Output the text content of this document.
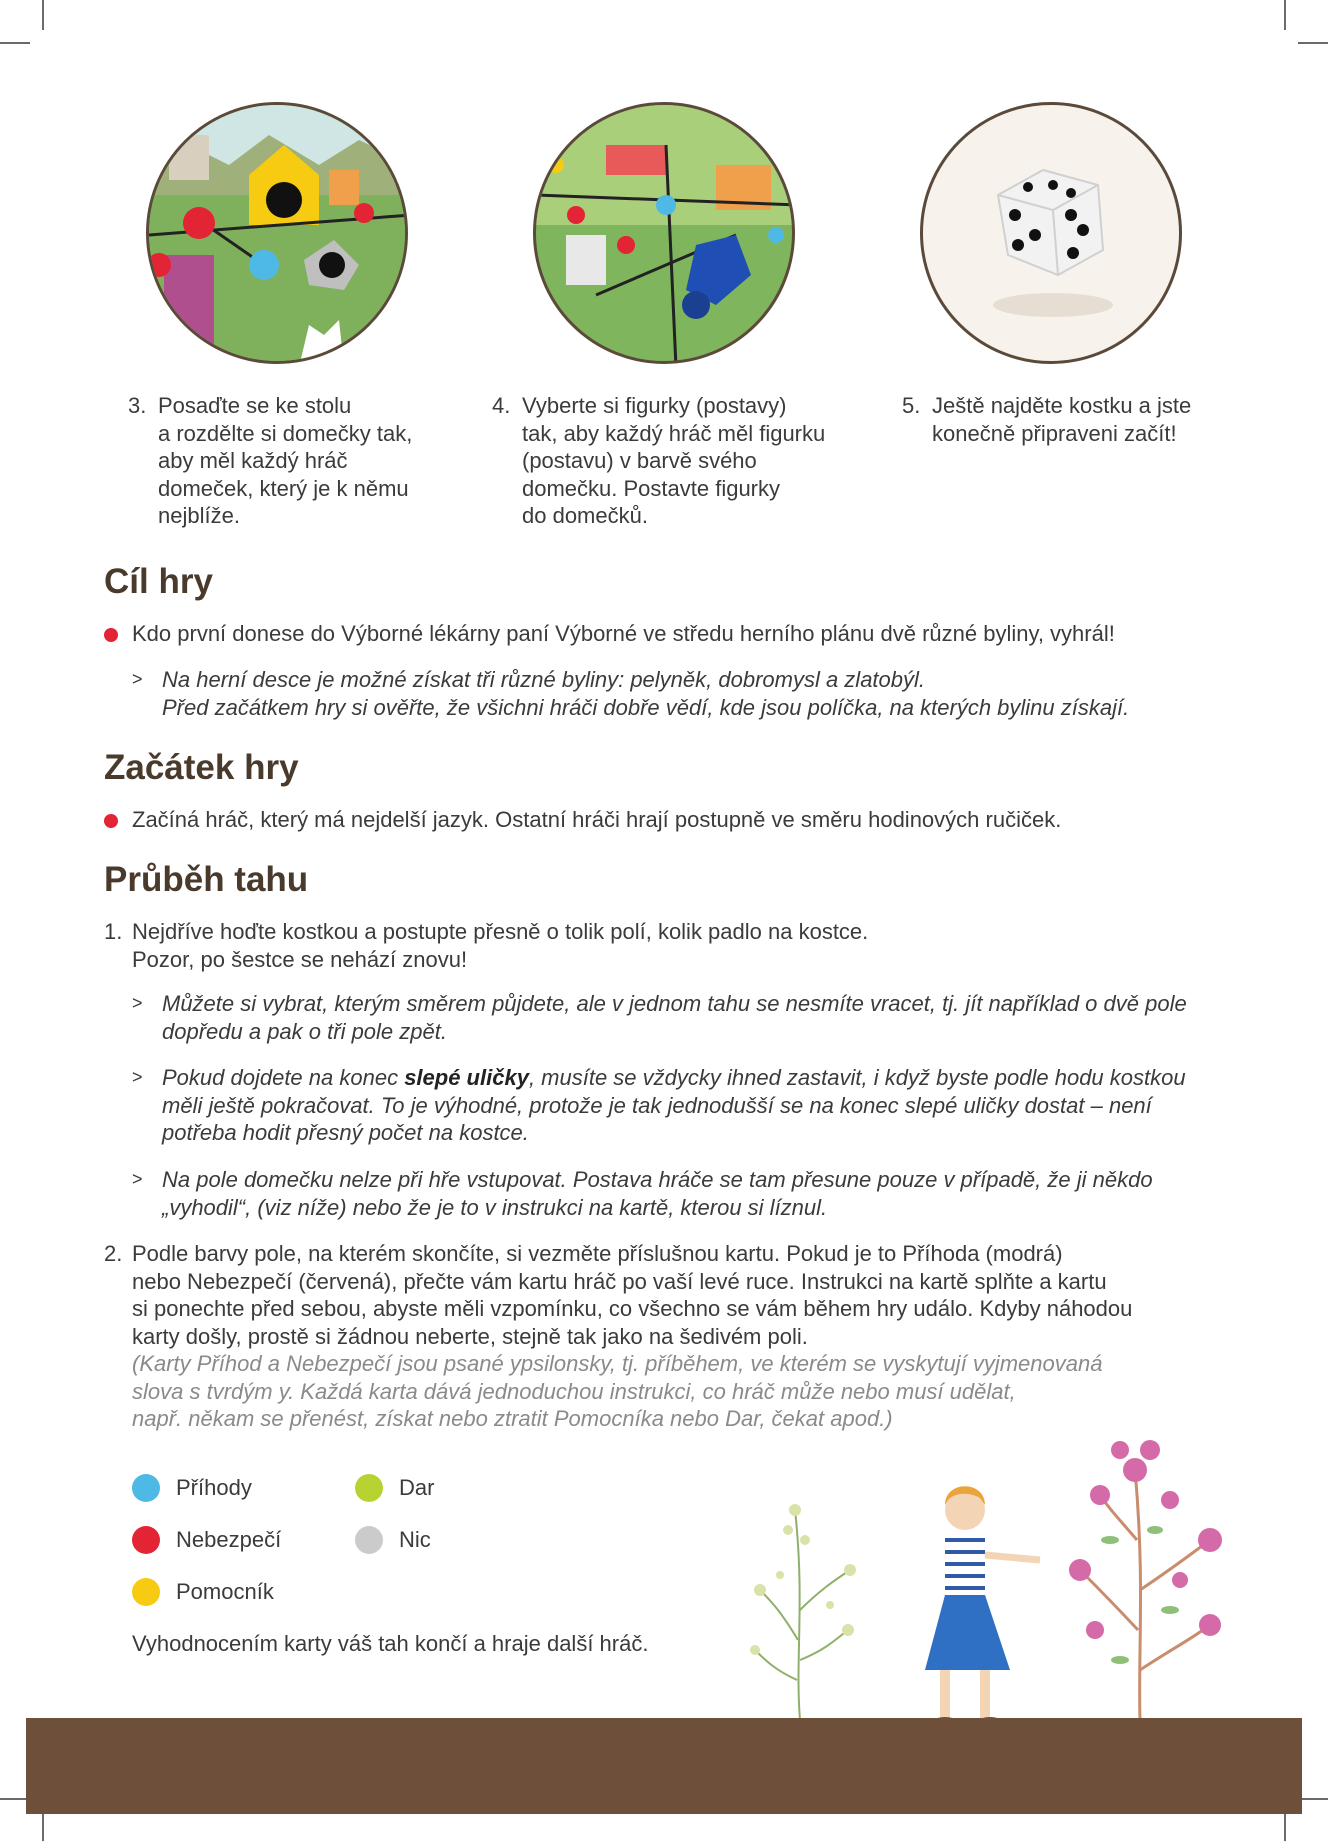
3. Posaďte se ke stolu
a rozdělte si domečky tak,
aby měl každý hráč
domeček, který je k němu
nejblíže.
4. Vyberte si figurky (postavy)
tak, aby každý hráč měl figurku
(postavu) v barvě svého
domečku. Postavte figurky
do domečků.
5. Ještě najděte kostku a jste
konečně připraveni začít!
Cíl hry
Kdo první donese do Výborné lékárny paní Výborné ve středu herního plánu dvě různé byliny, vyhrál!
> Na herní desce je možné získat tři různé byliny: pelyněk, dobromysl a zlatobýl.
Před začátkem hry si ověřte, že všichni hráči dobře vědí, kde jsou políčka, na kterých bylinu získají.
Začátek hry
Začíná hráč, který má nejdelší jazyk. Ostatní hráči hrají postupně ve směru hodinových ručiček.
Průběh tahu
1. Nejdříve hoďte kostkou a postupte přesně o tolik polí, kolik padlo na kostce.
Pozor, po šestce se nehází znovu!
> Můžete si vybrat, kterým směrem půjdete, ale v jednom tahu se nesmíte vracet, tj. jít například o dvě pole
dopředu a pak o tři pole zpět.
> Pokud dojdete na konec slepé uličky, musíte se vždycky ihned zastavit, i když byste podle hodu kostkou
měli ještě pokračovat. To je výhodné, protože je tak jednodušší se na konec slepé uličky dostat – není
potřeba hodit přesný počet na kostce.
> Na pole domečku nelze při hře vstupovat. Postava hráče se tam přesune pouze v případě, že ji někdo
„vyhodil“, (viz níže) nebo že je to v instrukci na kartě, kterou si líznul.
2. Podle barvy pole, na kterém skončíte, si vezměte příslušnou kartu. Pokud je to Příhoda (modrá)
nebo Nebezpečí (červená), přečte vám kartu hráč po vaší levé ruce. Instrukci na kartě splňte a kartu
si ponechte před sebou, abyste měli vzpomínku, co všechno se vám během hry událo. Kdyby náhodou
karty došly, prostě si žádnou neberte, stejně tak jako na šedivém poli.
(Karty Příhod a Nebezpečí jsou psané ypsilonsky, tj. příběhem, ve kterém se vyskytují vyjmenovaná
slova s tvrdým y. Každá karta dává jednoduchou instrukci, co hráč může nebo musí udělat,
např. někam se přenést, získat nebo ztratit Pomocníka nebo Dar, čekat apod.)
Příhody
Nebezpečí
Pomocník
Dar
Nic
Vyhodnocením karty váš tah končí a hraje další hráč.
